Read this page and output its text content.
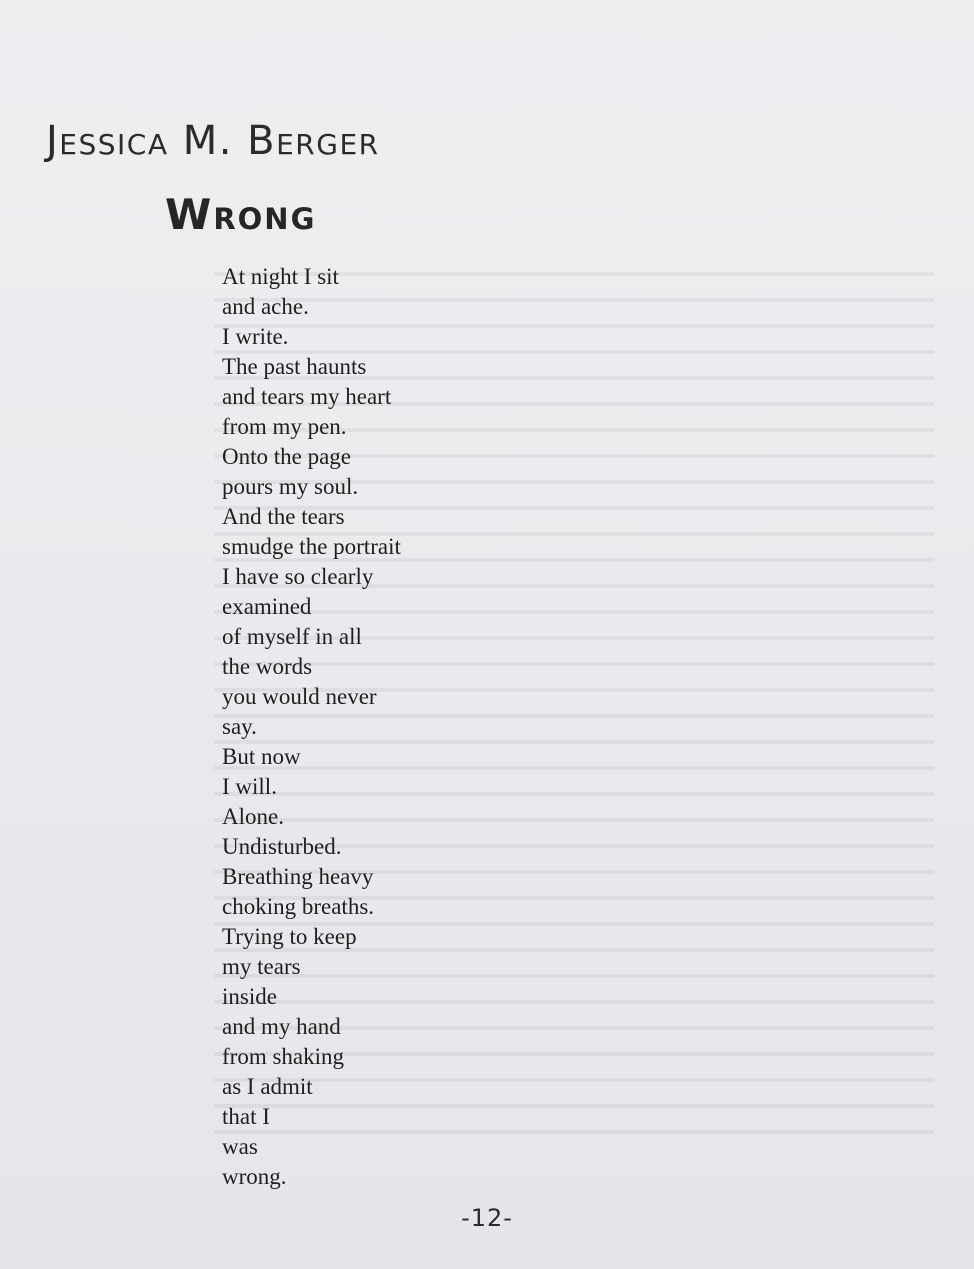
Jessica M. Berger
Wrong
At night I sit
and ache.
I write.
The past haunts
and tears my heart
from my pen.
Onto the page
pours my soul.
And the tears
smudge the portrait
I have so clearly
examined
of myself in all
the words
you would never
say.
But now
I will.
Alone.
Undisturbed.
Breathing heavy
choking breaths.
Trying to keep
my tears
inside
and my hand
from shaking
as I admit
that I
was
wrong.
-12-
